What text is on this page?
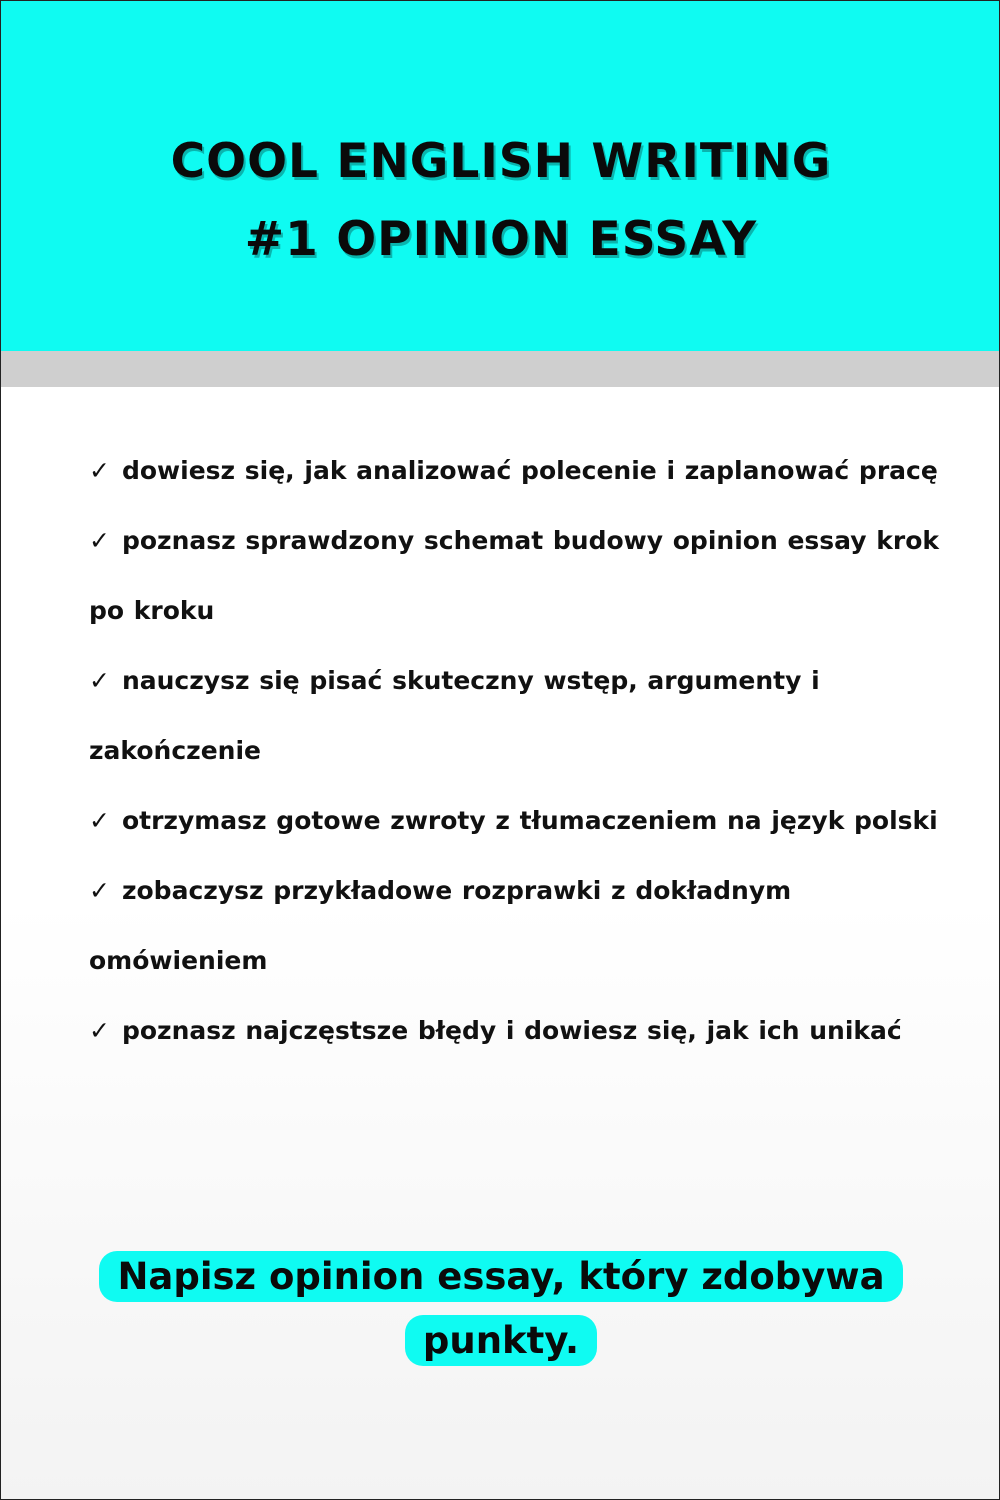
COOL ENGLISH WRITING
#1 OPINION ESSAY
✓ dowiesz się, jak analizować polecenie i zaplanować pracę
✓ poznasz sprawdzony schemat budowy opinion essay krok po kroku
✓ nauczysz się pisać skuteczny wstęp, argumenty i zakończenie
✓ otrzymasz gotowe zwroty z tłumaczeniem na język polski
✓ zobaczysz przykładowe rozprawki z dokładnym omówieniem
✓ poznasz najczęstsze błędy i dowiesz się, jak ich unikać
Napisz opinion essay, który zdobywa punkty.
